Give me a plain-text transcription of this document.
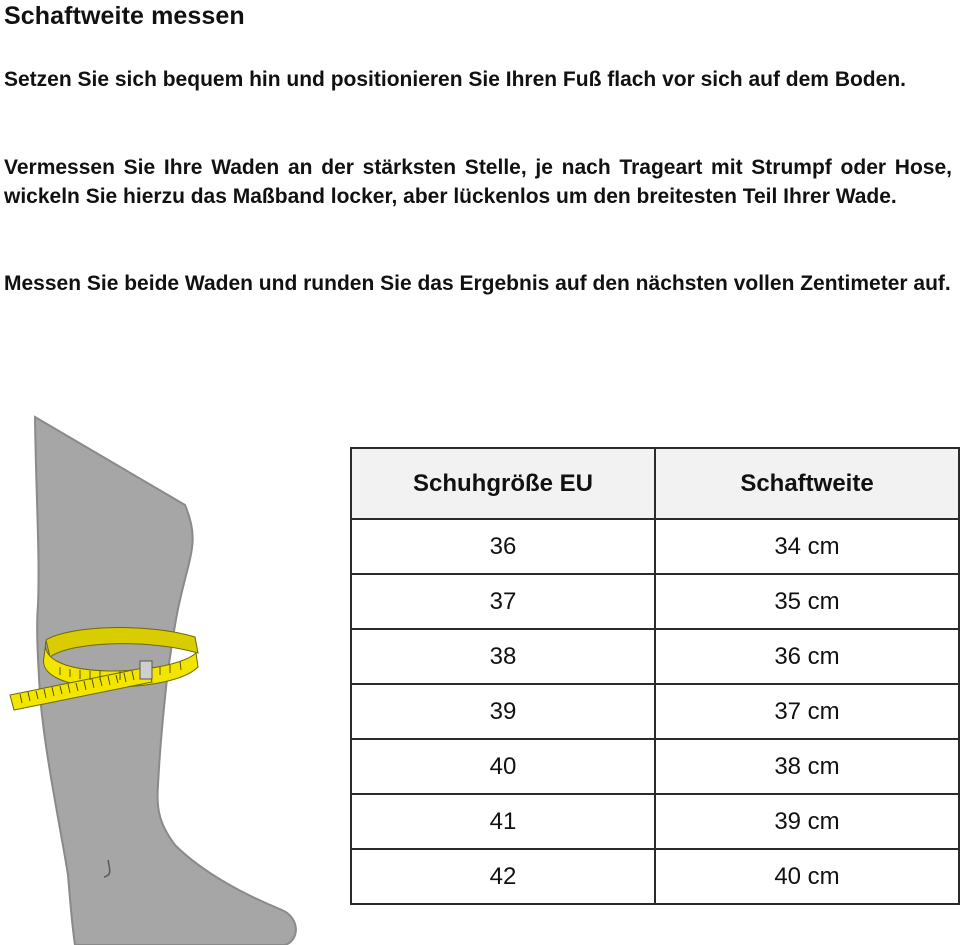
Schaftweite messen

Setzen Sie sich bequem hin und positionieren Sie Ihren Fuß flach vor sich auf dem Boden.

Vermessen Sie Ihre Waden an der stärksten Stelle, je nach Trageart mit Strumpf oder Hose, wickeln Sie hierzu das Maßband locker, aber lückenlos um den breitesten Teil Ihrer Wade.

Messen Sie beide Waden und runden Sie das Ergebnis auf den nächsten vollen Zentimeter auf.

Schuhgröße EU	Schaftweite
36	34 cm
37	35 cm
38	36 cm
39	37 cm
40	38 cm
41	39 cm
42	40 cm
